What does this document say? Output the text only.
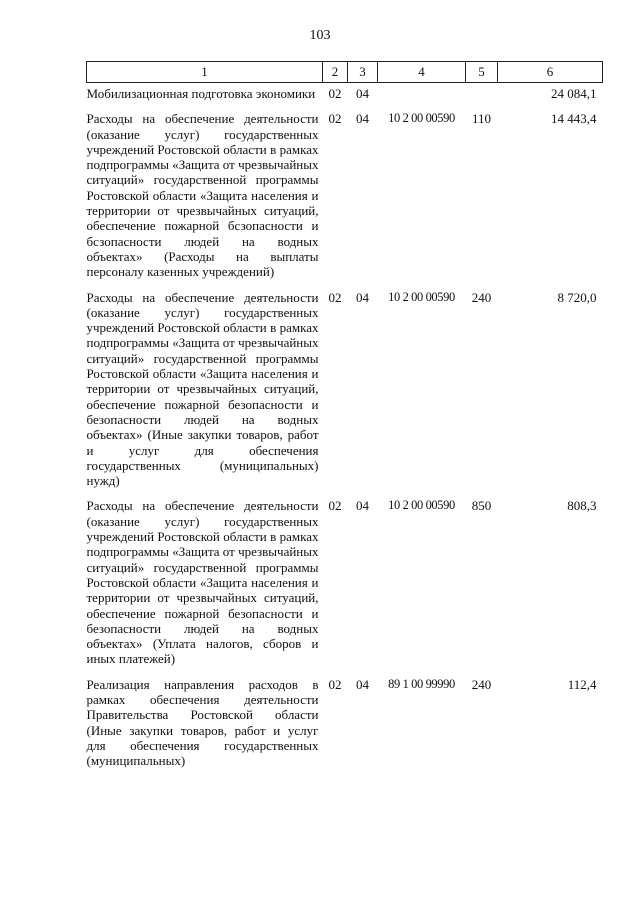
103
1	2	3	4	5	6
Мобилизационная подготовка экономики	02	04			24 084,1
Расходы на обеспечение деятельности (оказание услуг) государственных учреждений Ростовской области в рамках подпрограммы «Защита от чрезвычайных ситуаций» государственной программы Ростовской области «Защита населения и территории от чрезвычайных ситуаций, обеспечение пожарной бсзопасности и бсзопасности людей на водных объектах» (Расходы на выплаты персоналу казенных учреждений)	02	04	10 2 00 00590	110	14 443,4
Расходы на обеспечение деятельности (оказание услуг) государственных учреждений Ростовской области в рамках подпрограммы «Защита от чрезвычайных ситуаций» государственной программы Ростовской области «Защита населения и территории от чрезвычайных ситуаций, обеспечение пожарной безопасности и безопасности людей на водных объектах» (Иные закупки товаров, работ и услуг для обеспечения государственных (муниципальных) нужд)	02	04	10 2 00 00590	240	8 720,0
Расходы на обеспечение деятельности (оказание услуг) государственных учреждений Ростовской области в рамках подпрограммы «Защита от чрезвычайных ситуаций» государственной программы Ростовской области «Защита населения и территории от чрезвычайных ситуаций, обеспечение пожарной безопасности и безопасности людей на водных объектах» (Уплата налогов, сборов и иных платежей)	02	04	10 2 00 00590	850	808,3
Реализация направления расходов в рамках обеспечения деятельности Правительства Ростовской области (Иные закупки товаров, работ и услуг для обеспечения государственных (муниципальных)	02	04	89 1 00 99990	240	112,4
